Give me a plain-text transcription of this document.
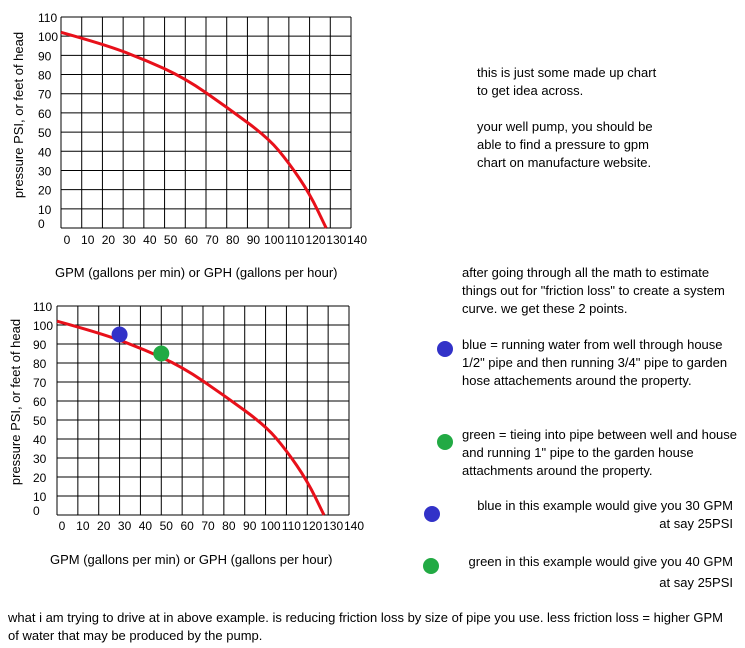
110
100
90
80
70
60
50
40
30
20
10
0
0 10 20 30 40 50 60 70 80 90 100 110 120 130 140
pressure PSI, or feet of head
GPM (gallons per min) or GPH (gallons per hour)
110
100
90
80
70
60
50
40
30
20
10
0
0 10 20 30 40 50 60 70 80 90 100 110 120 130 140
pressure PSI, or feet of head
GPM (gallons per min) or GPH (gallons per hour)

this is just some made up chart to get idea across.

your well pump, you should be able to find a pressure to gpm chart on manufacture website.

after going through all the math to estimate things out for "friction loss" to create a system curve. we get these 2 points.
blue = running water from well through house 1/2" pipe and then running 3/4" pipe to garden hose attachements around the property.
green = tieing into pipe between well and house and running 1" pipe to the garden house attachments around the property.

blue in this example would give you 30 GPM

at say 25PSI

green in this example would give you 40 GPM

at say 25PSI

what i am trying to drive at in above example. is reducing friction loss by size of pipe you use. less friction loss = higher GPM of water that may be produced by the pump.
